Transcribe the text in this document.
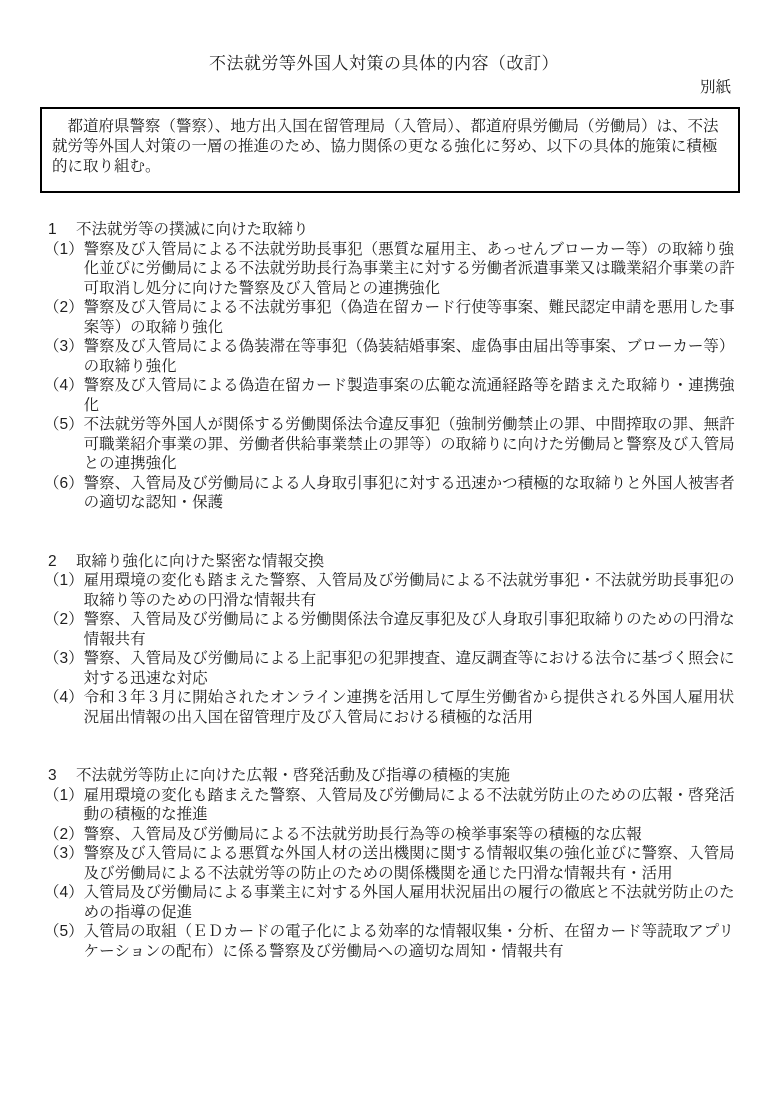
不法就労等外国人対策の具体的内容（改訂）
別紙

都道府県警察（警察）、地方出入国在留管理局（入管局）、都道府県労働局（労働局）は、不法就労等外国人対策の一層の推進のため、協力関係の更なる強化に努め、以下の具体的施策に積極的に取り組む。

1	不法就労等の撲滅に向けた取締り
（1） 警察及び入管局による不法就労助長事犯（悪質な雇用主、あっせんブローカー等）の取締り強化並びに労働局による不法就労助長行為事業主に対する労働者派遣事業又は職業紹介事業の許可取消し処分に向けた警察及び入管局との連携強化
（2） 警察及び入管局による不法就労事犯（偽造在留カード行使等事案、難民認定申請を悪用した事案等）の取締り強化
（3） 警察及び入管局による偽装滞在等事犯（偽装結婚事案、虚偽事由届出等事案、ブローカー等）の取締り強化
（4） 警察及び入管局による偽造在留カード製造事案の広範な流通経路等を踏まえた取締り・連携強化
（5） 不法就労等外国人が関係する労働関係法令違反事犯（強制労働禁止の罪、中間搾取の罪、無許可職業紹介事業の罪、労働者供給事業禁止の罪等）の取締りに向けた労働局と警察及び入管局との連携強化
（6） 警察、入管局及び労働局による人身取引事犯に対する迅速かつ積極的な取締りと外国人被害者の適切な認知・保護
2	取締り強化に向けた緊密な情報交換
（1） 雇用環境の変化も踏まえた警察、入管局及び労働局による不法就労事犯・不法就労助長事犯の取締り等のための円滑な情報共有
（2） 警察、入管局及び労働局による労働関係法令違反事犯及び人身取引事犯取締りのための円滑な情報共有
（3） 警察、入管局及び労働局による上記事犯の犯罪捜査、違反調査等における法令に基づく照会に対する迅速な対応
（4） 令和３年３月に開始されたオンライン連携を活用して厚生労働省から提供される外国人雇用状況届出情報の出入国在留管理庁及び入管局における積極的な活用
3	不法就労等防止に向けた広報・啓発活動及び指導の積極的実施
（1） 雇用環境の変化も踏まえた警察、入管局及び労働局による不法就労防止のための広報・啓発活動の積極的な推進
（2） 警察、入管局及び労働局による不法就労助長行為等の検挙事案等の積極的な広報
（3） 警察及び入管局による悪質な外国人材の送出機関に関する情報収集の強化並びに警察、入管局及び労働局による不法就労等の防止のための関係機関を通じた円滑な情報共有・活用
（4） 入管局及び労働局による事業主に対する外国人雇用状況届出の履行の徹底と不法就労防止のための指導の促進
（5） 入管局の取組（ＥＤカードの電子化による効率的な情報収集・分析、在留カード等読取アプリケーションの配布）に係る警察及び労働局への適切な周知・情報共有
